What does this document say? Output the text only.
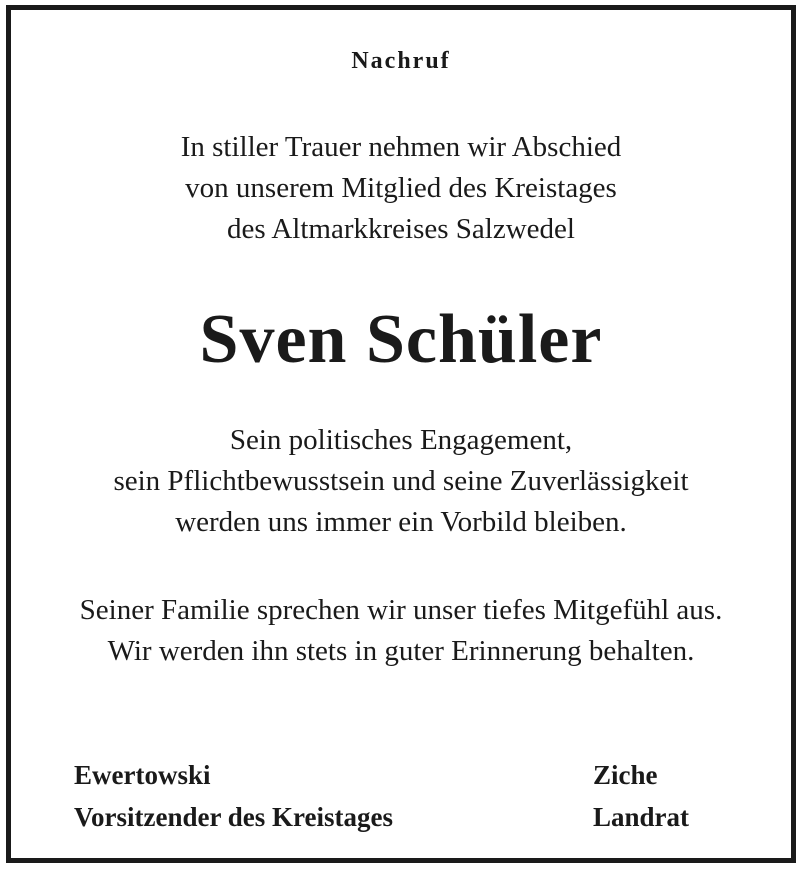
Nachruf

In stiller Trauer nehmen wir Abschied

von unserem Mitglied des Kreistages

des Altmarkkreises Salzwedel

Sven Schüler

Sein politisches Engagement,

sein Pflichtbewusstsein und seine Zuverlässigkeit

werden uns immer ein Vorbild bleiben.

Seiner Familie sprechen wir unser tiefes Mitgefühl aus.

Wir werden ihn stets in guter Erinnerung behalten.

Ewertowski

Vorsitzender des Kreistages

Ziche

Landrat
